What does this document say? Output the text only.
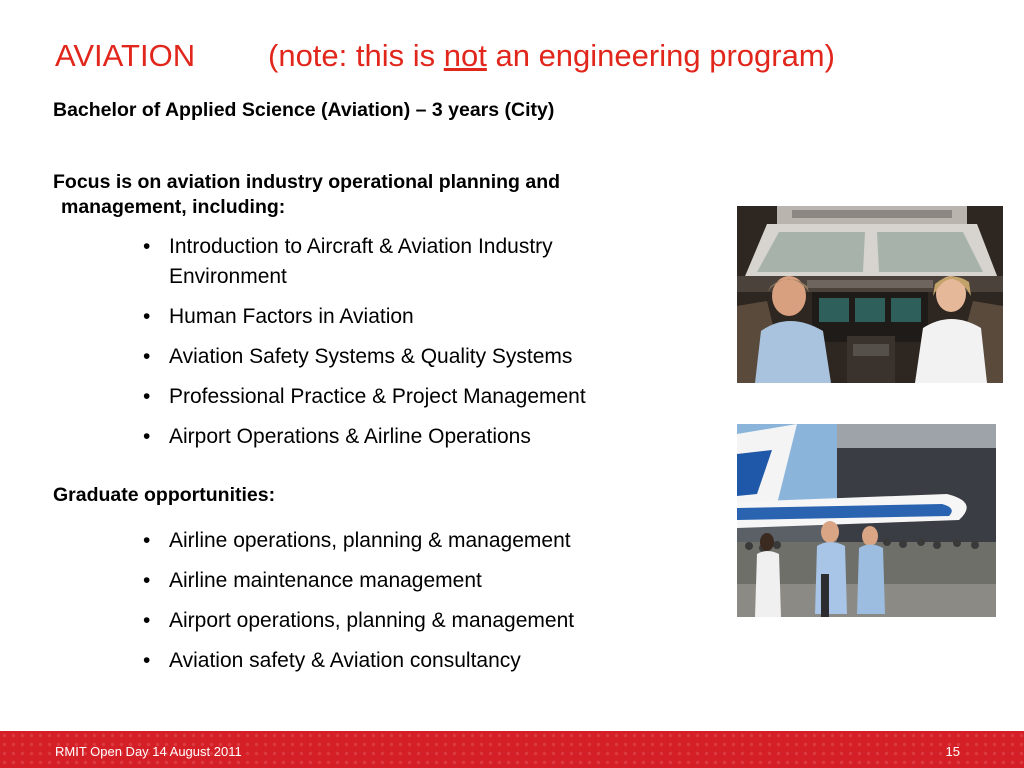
AVIATION (note: this is not an engineering program)
Bachelor of Applied Science (Aviation) – 3 years (City)
Focus is on aviation industry operational planning and
management, including:
• Introduction to Aircraft & Aviation Industry Environment
• Human Factors in Aviation
• Aviation Safety Systems & Quality Systems
• Professional Practice & Project Management
• Airport Operations & Airline Operations
Graduate opportunities:
• Airline operations, planning & management
• Airline maintenance management
• Airport operations, planning & management
• Aviation safety & Aviation consultancy
RMIT Open Day 14 August 2011	15
